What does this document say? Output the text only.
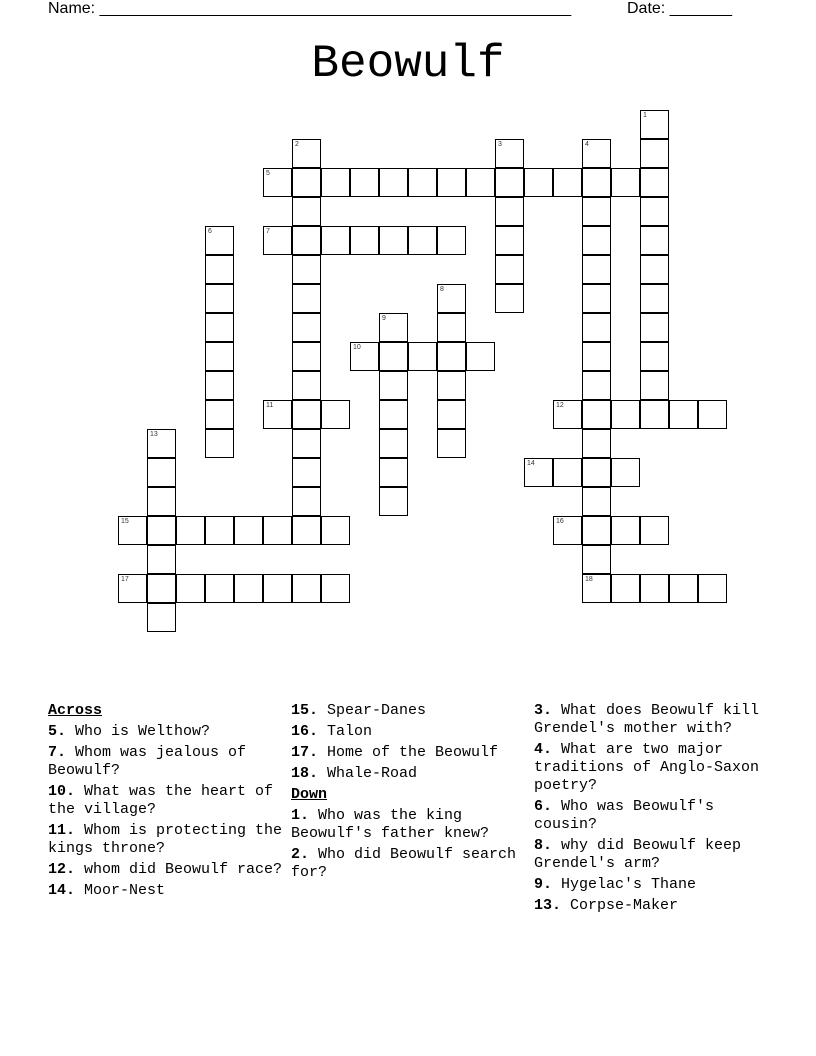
Name: _____________________________________________________	Date: _______
Beowulf
5
7
10
11	12
14
15	16
17	18
1
2	3	4
6
8
9
13
Across
5. Who is Welthow?
7. Whom was jealous of Beowulf?
10. What was the heart of the village?
11. Whom is protecting the kings throne?
12. whom did Beowulf race?
14. Moor-Nest
15. Spear-Danes
16. Talon
17. Home of the Beowulf
18. Whale-Road
Down
1. Who was the king Beowulf's father knew?
2. Who did Beowulf search for?
3. What does Beowulf kill Grendel's mother with?
4. What are two major traditions of Anglo-Saxon poetry?
6. Who was Beowulf's cousin?
8. why did Beowulf keep Grendel's arm?
9. Hygelac's Thane
13. Corpse-Maker
